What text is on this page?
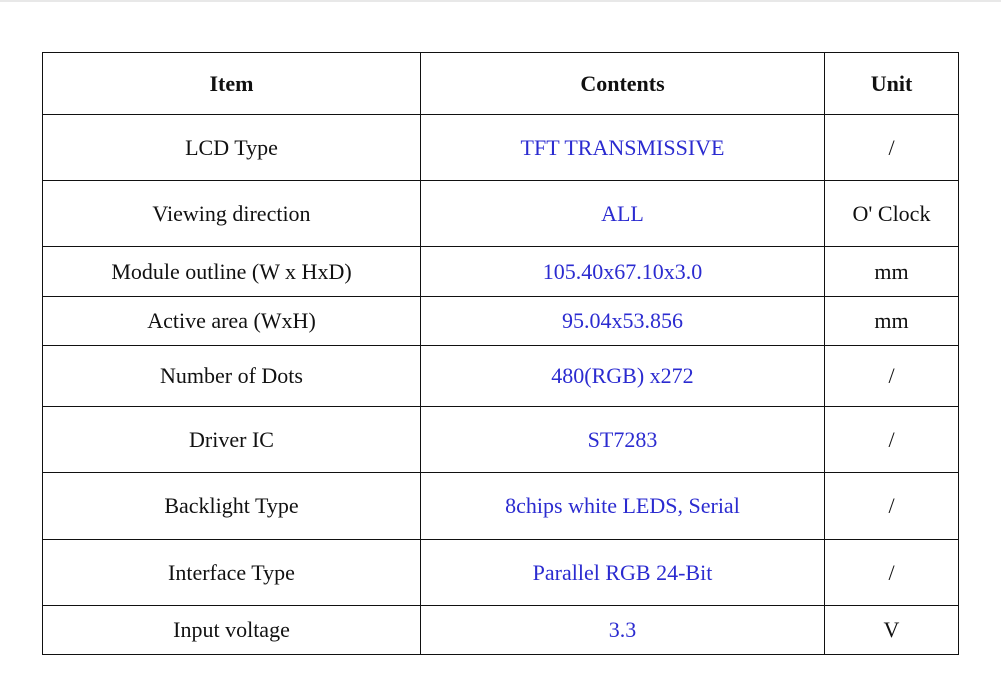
Item	Contents	Unit
LCD Type	TFT TRANSMISSIVE	/
Viewing direction	ALL	O' Clock
Module outline (W x HxD)	105.40x67.10x3.0	mm
Active area (WxH)	95.04x53.856	mm
Number of Dots	480(RGB) x272	/
Driver IC	ST7283	/
Backlight Type	8chips white LEDS, Serial	/
Interface Type	Parallel RGB 24-Bit	/
Input voltage	3.3	V
